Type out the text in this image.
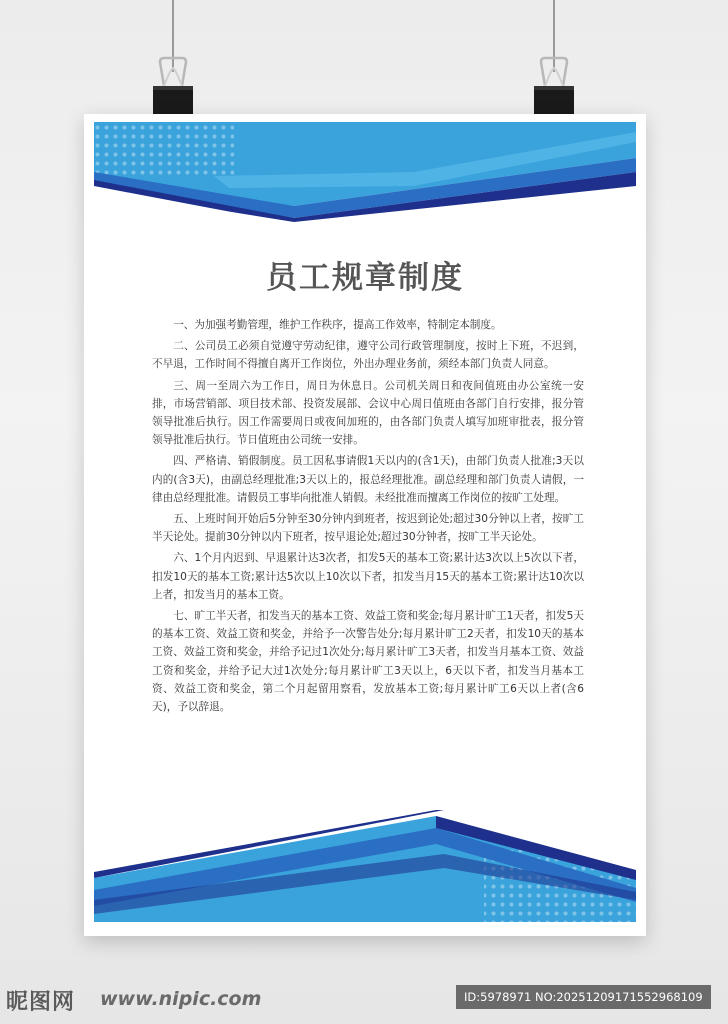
员工规章制度

一、为加强考勤管理，维护工作秩序，提高工作效率，特制定本制度。

二、公司员工必须自觉遵守劳动纪律，遵守公司行政管理制度，按时上下班，不迟到，不早退，工作时间不得擅自离开工作岗位，外出办理业务前，须经本部门负责人同意。

三、周一至周六为工作日，周日为休息日。公司机关周日和夜间值班由办公室统一安排，市场营销部、项目技术部、投资发展部、会议中心周日值班由各部门自行安排，报分管领导批准后执行。因工作需要周日或夜间加班的，由各部门负责人填写加班审批表，报分管领导批准后执行。节日值班由公司统一安排。

四、严格请、销假制度。员工因私事请假1天以内的(含1天)，由部门负责人批准;3天以内的(含3天)，由副总经理批准;3天以上的，报总经理批准。副总经理和部门负责人请假，一律由总经理批准。请假员工事毕向批准人销假。未经批准而擅离工作岗位的按旷工处理。

五、上班时间开始后5分钟至30分钟内到班者，按迟到论处;超过30分钟以上者，按旷工半天论处。提前30分钟以内下班者，按早退论处;超过30分钟者，按旷工半天论处。

六、1个月内迟到、早退累计达3次者，扣发5天的基本工资;累计达3次以上5次以下者，扣发10天的基本工资;累计达5次以上10次以下者，扣发当月15天的基本工资;累计达10次以上者，扣发当月的基本工资。

七、旷工半天者，扣发当天的基本工资、效益工资和奖金;每月累计旷工1天者，扣发5天的基本工资、效益工资和奖金，并给予一次警告处分;每月累计旷工2天者，扣发10天的基本工资、效益工资和奖金，并给予记过1次处分;每月累计旷工3天者，扣发当月基本工资、效益工资和奖金，并给予记大过1次处分;每月累计旷工3天以上，6天以下者，扣发当月基本工资、效益工资和奖金，第二个月起留用察看，发放基本工资;每月累计旷工6天以上者(含6天)，予以辞退。

昵图网 www.nipic.com	ID:5978971 NO:20251209171552968109
